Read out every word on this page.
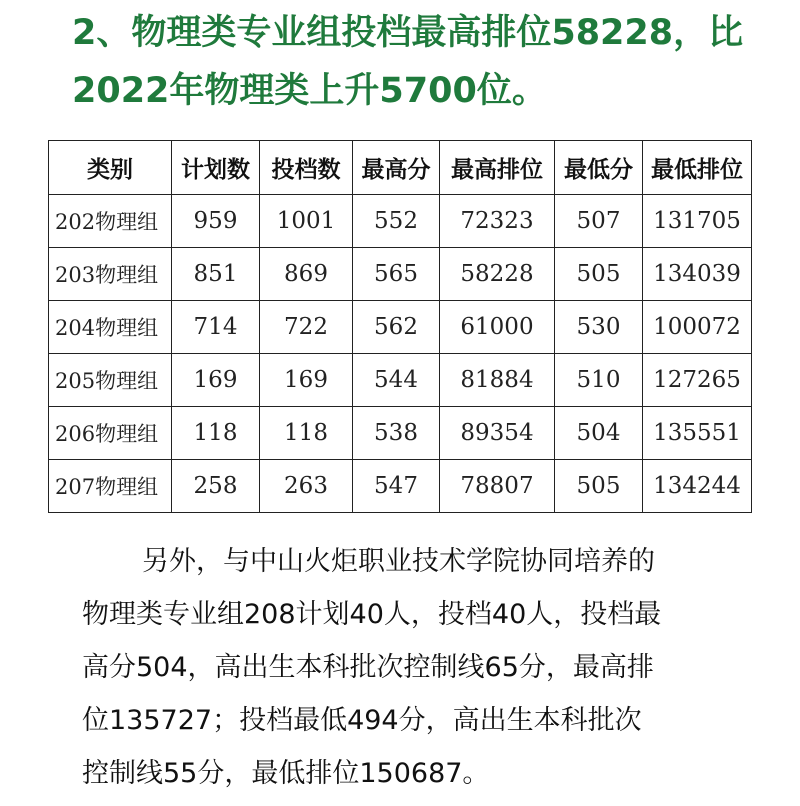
2、物理类专业组投档最高排位58228，比
2022年物理类上升5700位。
类别	计划数	投档数	最高分	最高排位	最低分	最低排位
202物理组	959	1001	552	72323	507	131705
203物理组	851	869	565	58228	505	134039
204物理组	714	722	562	61000	530	100072
205物理组	169	169	544	81884	510	127265
206物理组	118	118	538	89354	504	135551
207物理组	258	263	547	78807	505	134244
另外，与中山火炬职业技术学院协同培养的
物理类专业组208计划40人，投档40人，投档最
高分504，高出生本科批次控制线65分，最高排
位135727；投档最低494分，高出生本科批次
控制线55分，最低排位150687。
